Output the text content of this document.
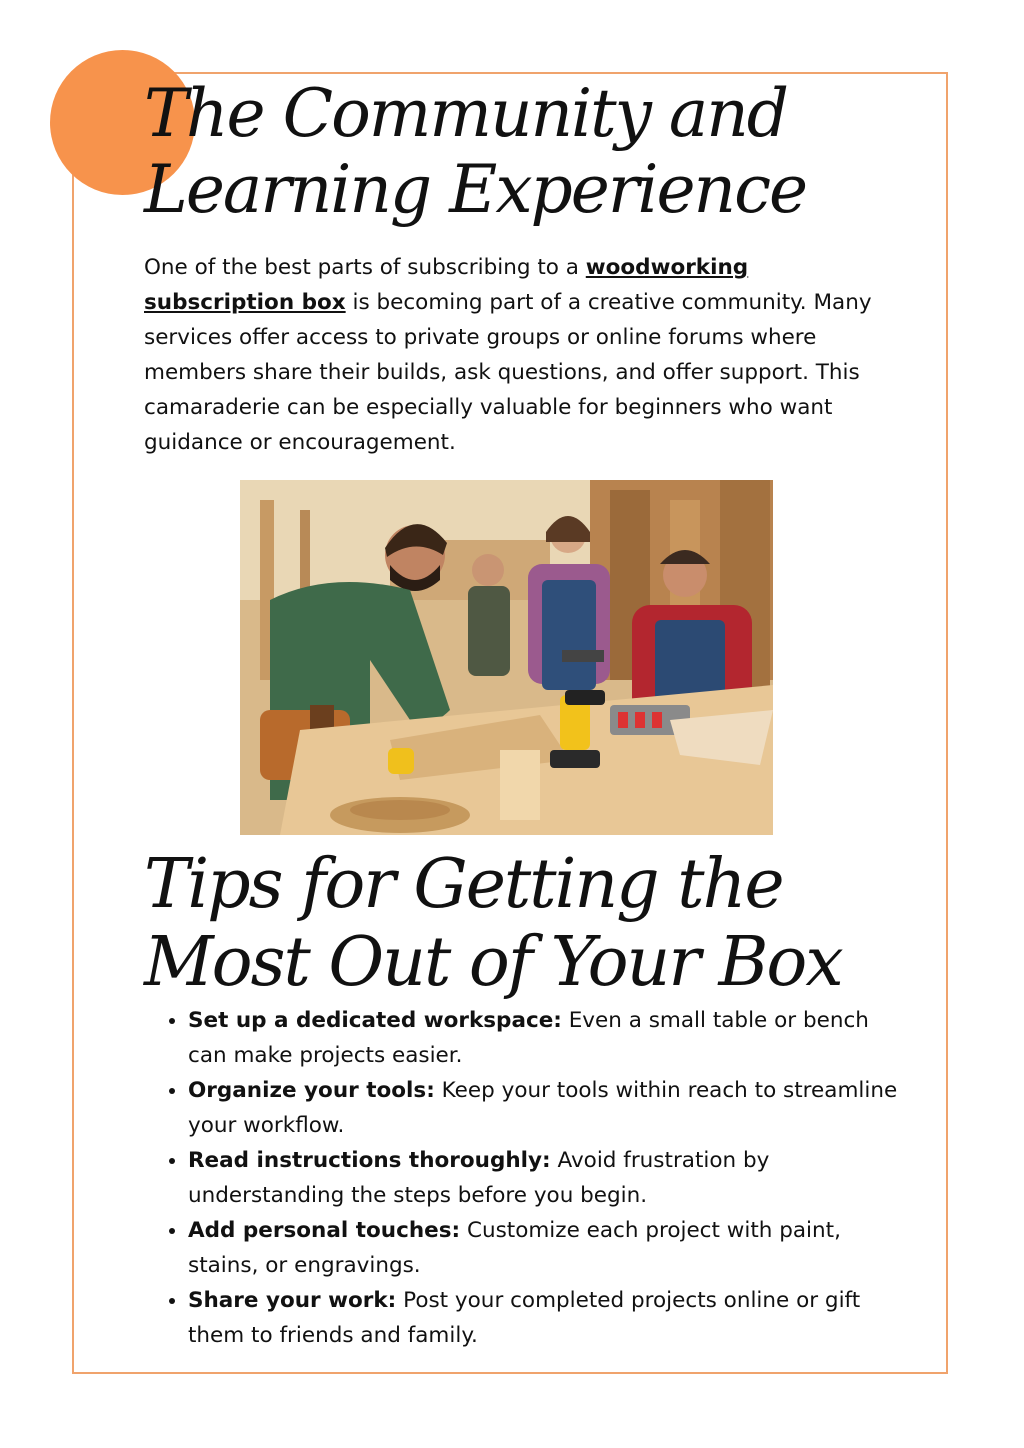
The Community and Learning Experience

One of the best parts of subscribing to a woodworking subscription box is becoming part of a creative community. Many services offer access to private groups or online forums where members share their builds, ask questions, and offer support. This camaraderie can be especially valuable for beginners who want guidance or encouragement.

Tips for Getting the Most Out of Your Box
• Set up a dedicated workspace: Even a small table or bench can make projects easier.
• Organize your tools: Keep your tools within reach to streamline your workflow.
• Read instructions thoroughly: Avoid frustration by understanding the steps before you begin.
• Add personal touches: Customize each project with paint, stains, or engravings.
• Share your work: Post your completed projects online or gift them to friends and family.
